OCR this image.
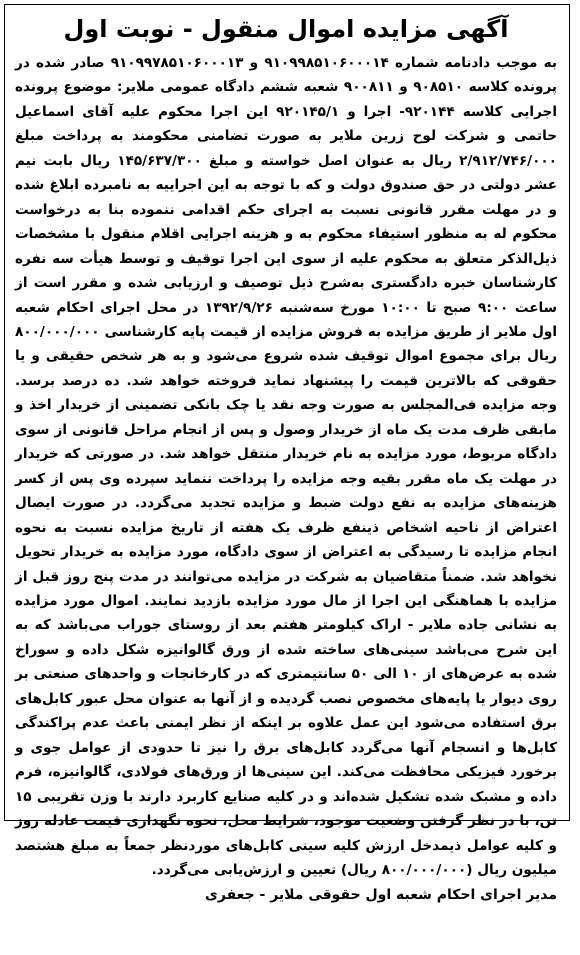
آگهی مزایده اموال منقول - نوبت اول

به موجب دادنامه شماره ۹۱۰۹۹۸۵۱۰۶۰۰۰۱۴ و ۹۱۰۹۹۷۸۵۱۰۶۰۰۰۱۳ صادر شده در پرونده کلاسه ۹۰۸۵۱۰ و ۹۰۰۸۱۱ شعبه ششم دادگاه عمومی ملایر: موضوع پرونده اجرایی کلاسه ۹۲۰۱۴۴- اجرا و ۹۲۰۱۴۵/۱ این اجرا محکوم علیه آقای اسماعیل حاتمی و شرکت لوح زرین ملایر به صورت تضامنی محکومند به پرداخت مبلغ ۲/۹۱۲/۷۴۶/۰۰۰ ریال به عنوان اصل خواسته و مبلغ ۱۴۵/۶۳۷/۳۰۰ ریال بابت نیم عشر دولتی در حق صندوق دولت و که با توجه به این اجراییه به نامبرده ابلاغ شده و در مهلت مقرر قانونی نسبت به اجرای حکم اقدامی ننموده بنا به درخواست محکوم له به منظور استیفاء محکوم به و هزینه اجرایی اقلام منقول با مشخصات ذیل‌الذکر متعلق به محکوم علیه از سوی این اجرا توقیف و توسط هیأت سه نفره کارشناسان خبره دادگستری به‌شرح ذیل توصیف و ارزیابی شده و مقرر است از ساعت ۹:۰۰ صبح تا ۱۰:۰۰ مورخ سه‌شنبه ۱۳۹۲/۹/۲۶ در محل اجرای احکام شعبه اول ملایر از طریق مزایده به فروش مزایده از قیمت پایه کارشناسی ۸۰۰/۰۰۰/۰۰۰ ریال برای مجموع اموال توقیف شده شروع می‌شود و به هر شخص حقیقی و یا حقوقی که بالاترین قیمت را پیشنهاد نماید فروخته خواهد شد. ده درصد برسد. وجه مزایده فی‌المجلس به صورت وجه نقد یا چک بانکی تضمینی از خریدار اخذ و مابقی ظرف مدت یک ماه از خریدار وصول و پس از انجام مراحل قانونی از سوی دادگاه مربوط، مورد مزایده به نام خریدار منتقل خواهد شد. در صورتی که خریدار در مهلت یک ماه مقرر بقیه وجه مزایده را پرداخت ننماید سپرده وی پس از کسر هزینه‌های مزایده به نفع دولت ضبط و مزایده تجدید می‌گردد. در صورت ایصال اعتراض از ناحیه اشخاص ذینفع ظرف یک هفته از تاریخ مزایده نسبت به نحوه انجام مزایده تا رسیدگی به اعتراض از سوی دادگاه، مورد مزایده به خریدار تحویل نخواهد شد. ضمناً متقاضیان به شرکت در مزایده می‌توانند در مدت پنج روز قبل از مزایده با هماهنگی این اجرا از مال مورد مزایده بازدید نمایند. اموال مورد مزایده به نشانی جاده ملایر - اراک کیلومتر هفتم بعد از روستای جوراب می‌باشد که به این شرح می‌باشد سینی‌های ساخته شده از ورق گالوانیزه شکل داده و سوراخ شده به عرض‌های از ۱۰ الی ۵۰ سانتیمتری که در کارخانجات و واحدهای صنعتی بر روی دیوار یا پایه‌های مخصوص نصب گردیده و از آنها به عنوان محل عبور کابل‌های برق استفاده می‌شود این عمل علاوه بر اینکه از نظر ایمنی باعث عدم پراکندگی کابل‌ها و انسجام آنها می‌گردد کابل‌های برق را نیز تا حدودی از عوامل جوی و برخورد فیزیکی محافظت می‌کند. این سینی‌ها از ورق‌های فولادی، گالوانیزه، فرم داده و مشبک شده تشکیل شده‌اند و در کلیه صنایع کاربرد دارند با وزن تقریبی ۱۵ تن، با در نظر گرفتن وضعیت موجود، شرایط محل، نحوه نگهداری قیمت عادله روز و کلیه عوامل ذیمدخل ارزش کلیه سینی کابل‌های موردنظر جمعاً به مبلغ هشتصد میلیون ریال (۸۰۰/۰۰۰/۰۰۰ ریال) تعیین و ارزش‌یابی می‌گردد.

مدیر اجرای احکام شعبه اول حقوقی ملایر - جعفری
